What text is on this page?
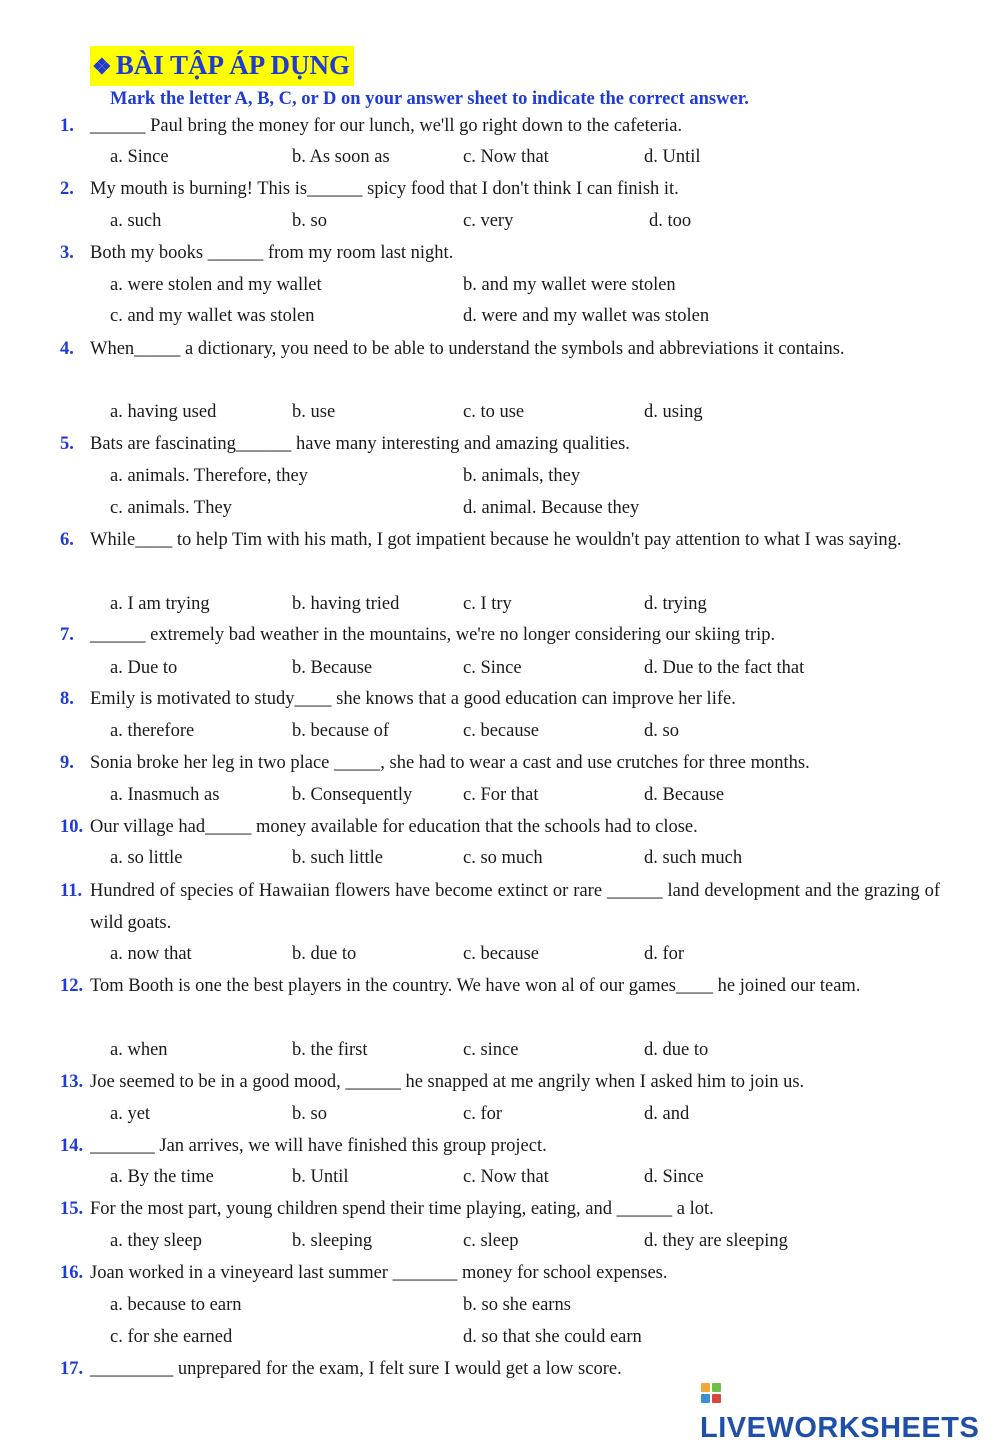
❖ BÀI TẬP ÁP DỤNG
Mark the letter A, B, C, or D on your answer sheet to indicate the correct answer.
1. ______ Paul bring the money for our lunch, we'll go right down to the cafeteria.
a. Since	b. As soon as	c. Now that	d. Until
2. My mouth is burning! This is______ spicy food that I don't think I can finish it.
a. such	b. so	c. very	d. too
3. Both my books ______ from my room last night.
a. were stolen and my wallet	b. and my wallet were stolen
c. and my wallet was stolen	d. were and my wallet was stolen
4. When_____ a dictionary, you need to be able to understand the symbols and abbreviations it contains.
a. having used	b. use	c. to use	d. using
5. Bats are fascinating______ have many interesting and amazing qualities.
a. animals. Therefore, they	b. animals, they
c. animals. They	d. animal. Because they
6. While____ to help Tim with his math, I got impatient because he wouldn't pay attention to what I was saying.
a. I am trying	b. having tried	c. I try	d. trying
7. ______ extremely bad weather in the mountains, we're no longer considering our skiing trip.
a. Due to	b. Because	c. Since	d. Due to the fact that
8. Emily is motivated to study____ she knows that a good education can improve her life.
a. therefore	b. because of	c. because	d. so
9. Sonia broke her leg in two place _____, she had to wear a cast and use crutches for three months.
a. Inasmuch as	b. Consequently	c. For that	d. Because
10. Our village had_____ money available for education that the schools had to close.
a. so little	b. such little	c. so much	d. such much
11. Hundred of species of Hawaiian flowers have become extinct or rare ______ land development and the grazing of wild goats.
a. now that	b. due to	c. because	d. for
12. Tom Booth is one the best players in the country. We have won al of our games____ he joined our team.
a. when	b. the first	c. since	d. due to
13. Joe seemed to be in a good mood, ______ he snapped at me angrily when I asked him to join us.
a. yet	b. so	c. for	d. and
14. _______ Jan arrives, we will have finished this group project.
a. By the time	b. Until	c. Now that	d. Since
15. For the most part, young children spend their time playing, eating, and ______ a lot.
a. they sleep	b. sleeping	c. sleep	d. they are sleeping
16. Joan worked in a vineyeard last summer _______ money for school expenses.
a. because to earn	b. so she earns
c. for she earned	d. so that she could earn
17. _________ unprepared for the exam, I felt sure I would get a low score.
LIVEWORKSHEETS
